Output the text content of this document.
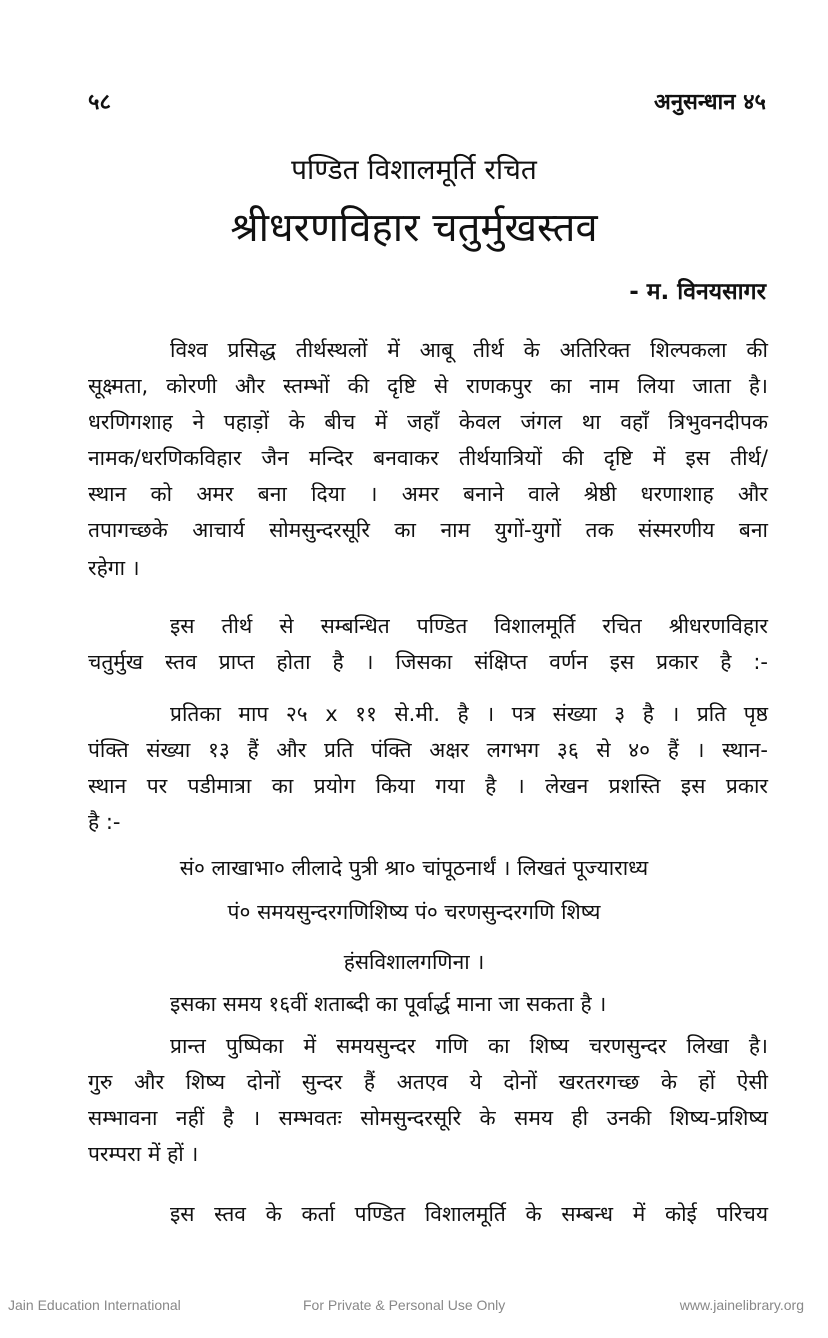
५८	अनुसन्धान ४५
पण्डित विशालमूर्ति रचित
श्रीधरणविहार चतुर्मुखस्तव
- म. विनयसागर
विश्व प्रसिद्ध तीर्थस्थलों में आबू तीर्थ के अतिरिक्त शिल्पकला की
सूक्ष्मता, कोरणी और स्तम्भों की दृष्टि से राणकपुर का नाम लिया जाता है।
धरणिगशाह ने पहाड़ों के बीच में जहाँ केवल जंगल था वहाँ त्रिभुवनदीपक
नामक/धरणिकविहार जैन मन्दिर बनवाकर तीर्थयात्रियों की दृष्टि में इस तीर्थ/
स्थान को अमर बना दिया । अमर बनाने वाले श्रेष्ठी धरणाशाह और
तपागच्छके आचार्य सोमसुन्दरसूरि का नाम युगों-युगों तक संस्मरणीय बना
रहेगा ।
इस तीर्थ से सम्बन्धित पण्डित विशालमूर्ति रचित श्रीधरणविहार
चतुर्मुख स्तव प्राप्त होता है । जिसका संक्षिप्त वर्णन इस प्रकार है :-
प्रतिका माप २५ x ११ से.मी. है । पत्र संख्या ३ है । प्रति पृष्ठ
पंक्ति संख्या १३ हैं और प्रति पंक्ति अक्षर लगभग ३६ से ४० हैं । स्थान-
स्थान पर पडीमात्रा का प्रयोग किया गया है । लेखन प्रशस्ति इस प्रकार
है :-
सं० लाखाभा० लीलादे पुत्री श्रा० चांपूठनार्थं । लिखतं पूज्याराध्य
पं० समयसुन्दरगणिशिष्य पं० चरणसुन्दरगणि शिष्य
हंसविशालगणिना ।
इसका समय १६वीं शताब्दी का पूर्वार्द्ध माना जा सकता है ।
प्रान्त पुष्पिका में समयसुन्दर गणि का शिष्य चरणसुन्दर लिखा है।
गुरु और शिष्य दोनों सुन्दर हैं अतएव ये दोनों खरतरगच्छ के हों ऐसी
सम्भावना नहीं है । सम्भवतः सोमसुन्दरसूरि के समय ही उनकी शिष्य-प्रशिष्य
परम्परा में हों ।
इस स्तव के कर्ता पण्डित विशालमूर्ति के सम्बन्ध में कोई परिचय
Jain Education International	For Private & Personal Use Only	www.jainelibrary.org
